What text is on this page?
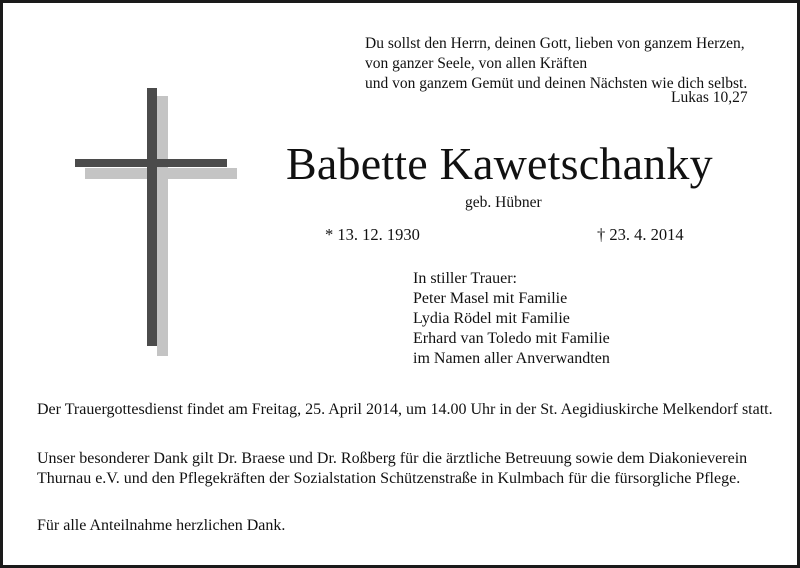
Du sollst den Herrn, deinen Gott, lieben von ganzem Herzen,
von ganzer Seele, von allen Kräften
und von ganzem Gemüt und deinen Nächsten wie dich selbst.
Lukas 10,27
Babette Kawetschanky
geb. Hübner
* 13. 12. 1930	† 23. 4. 2014
In stiller Trauer:
Peter Masel mit Familie
Lydia Rödel mit Familie
Erhard van Toledo mit Familie
im Namen aller Anverwandten
Der Trauergottesdienst findet am Freitag, 25. April 2014, um 14.00 Uhr in der St. Aegidiuskirche Melkendorf statt.
Unser besonderer Dank gilt Dr. Braese und Dr. Roßberg für die ärztliche Betreuung sowie dem Diakonieverein Thurnau e.V. und den Pflegekräften der Sozialstation Schützenstraße in Kulmbach für die fürsorgliche Pflege.
Für alle Anteilnahme herzlichen Dank.
